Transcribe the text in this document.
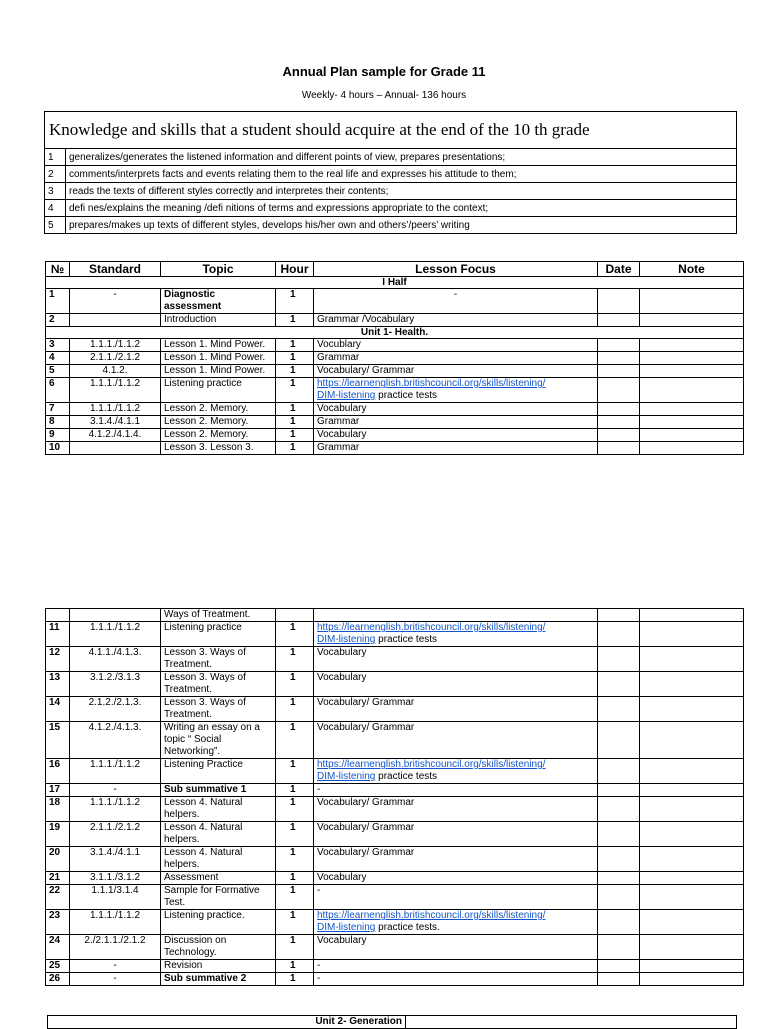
Annual Plan sample for Grade 11
Weekly- 4 hours – Annual- 136 hours
Knowledge and skills that a student should acquire at the end of the 10 th grade	
1	generalizes/generates the listened information and different points of view, prepares presentations;
2	comments/interprets facts and events relating them to the real life and expresses his attitude to them;
3	reads the texts of different styles correctly and interpretes their contents;
4	defi nes/explains the meaning /defi nitions of terms and expressions appropriate to the context;
5	prepares/makes up texts of different styles, develops his/her own and others’/peers’ writing
№	Standard	Topic	Hour	Lesson Focus	Date	Note
I Half						
1	-	Diagnostic assessment	1	-		
2		Introduction	1	Grammar /Vocabulary		
Unit 1- Health.						
3	1.1.1./1.1.2	Lesson 1. Mind Power.	1	Vocublary		
4	2.1.1./2.1.2	Lesson 1. Mind Power.	1	Grammar		
5	4.1.2.	Lesson 1. Mind Power.	1	Vocabulary/ Grammar		
6	1.1.1./1.1.2	Listening practice	1	https://learnenglish.britishcouncil.org/skills/listening/
DIM-listening practice tests		
7	1.1.1./1.1.2	Lesson 2. Memory.	1	Vocabulary		
8	3.1.4./4.1.1	Lesson 2. Memory.	1	Grammar		
9	4.1.2./4.1.4.	Lesson 2. Memory.	1	Vocabulary		
10		Lesson 3. Lesson 3.	1	Grammar		
		Ways of Treatment.				
11	1.1.1./1.1.2	Listening practice	1	https://learnenglish.britishcouncil.org/skills/listening/
DIM-listening practice tests		
12	4.1.1./4.1.3.	Lesson 3. Ways of Treatment.	1	Vocabulary		
13	3.1.2./3.1.3	Lesson 3. Ways of Treatment.	1	Vocabulary		
14	2.1.2./2.1.3.	Lesson 3. Ways of Treatment.	1	Vocabulary/ Grammar		
15	4.1.2./4.1.3.	Writing an essay on a topic “ Social Networking”.	1	Vocabulary/ Grammar		
16	1.1.1./1.1.2	Listening Practice	1	https://learnenglish.britishcouncil.org/skills/listening/
DIM-listening practice tests		
17	-	Sub summative 1	1	-		
18	1.1.1./1.1.2	Lesson 4. Natural helpers.	1	Vocabulary/ Grammar		
19	2.1.1./2.1.2	Lesson 4. Natural helpers.	1	Vocabulary/ Grammar		
20	3.1.4./4.1.1	Lesson 4. Natural helpers.	1	Vocabulary/ Grammar		
21	3.1.1./3.1.2	Assessment	1	Vocabulary		
22	1.1.1/3.1.4	Sample for Formative Test.	1	-		
23	1.1.1./1.1.2	Listening practice.	1	https://learnenglish.britishcouncil.org/skills/listening/
DIM-listening practice tests.		
24	2./2.1.1./2.1.2	Discussion on Technology.	1	Vocabulary		
25	-	Revision	1	-		
26	-	Sub summative 2	1	-		
Unit 2- Generation	
